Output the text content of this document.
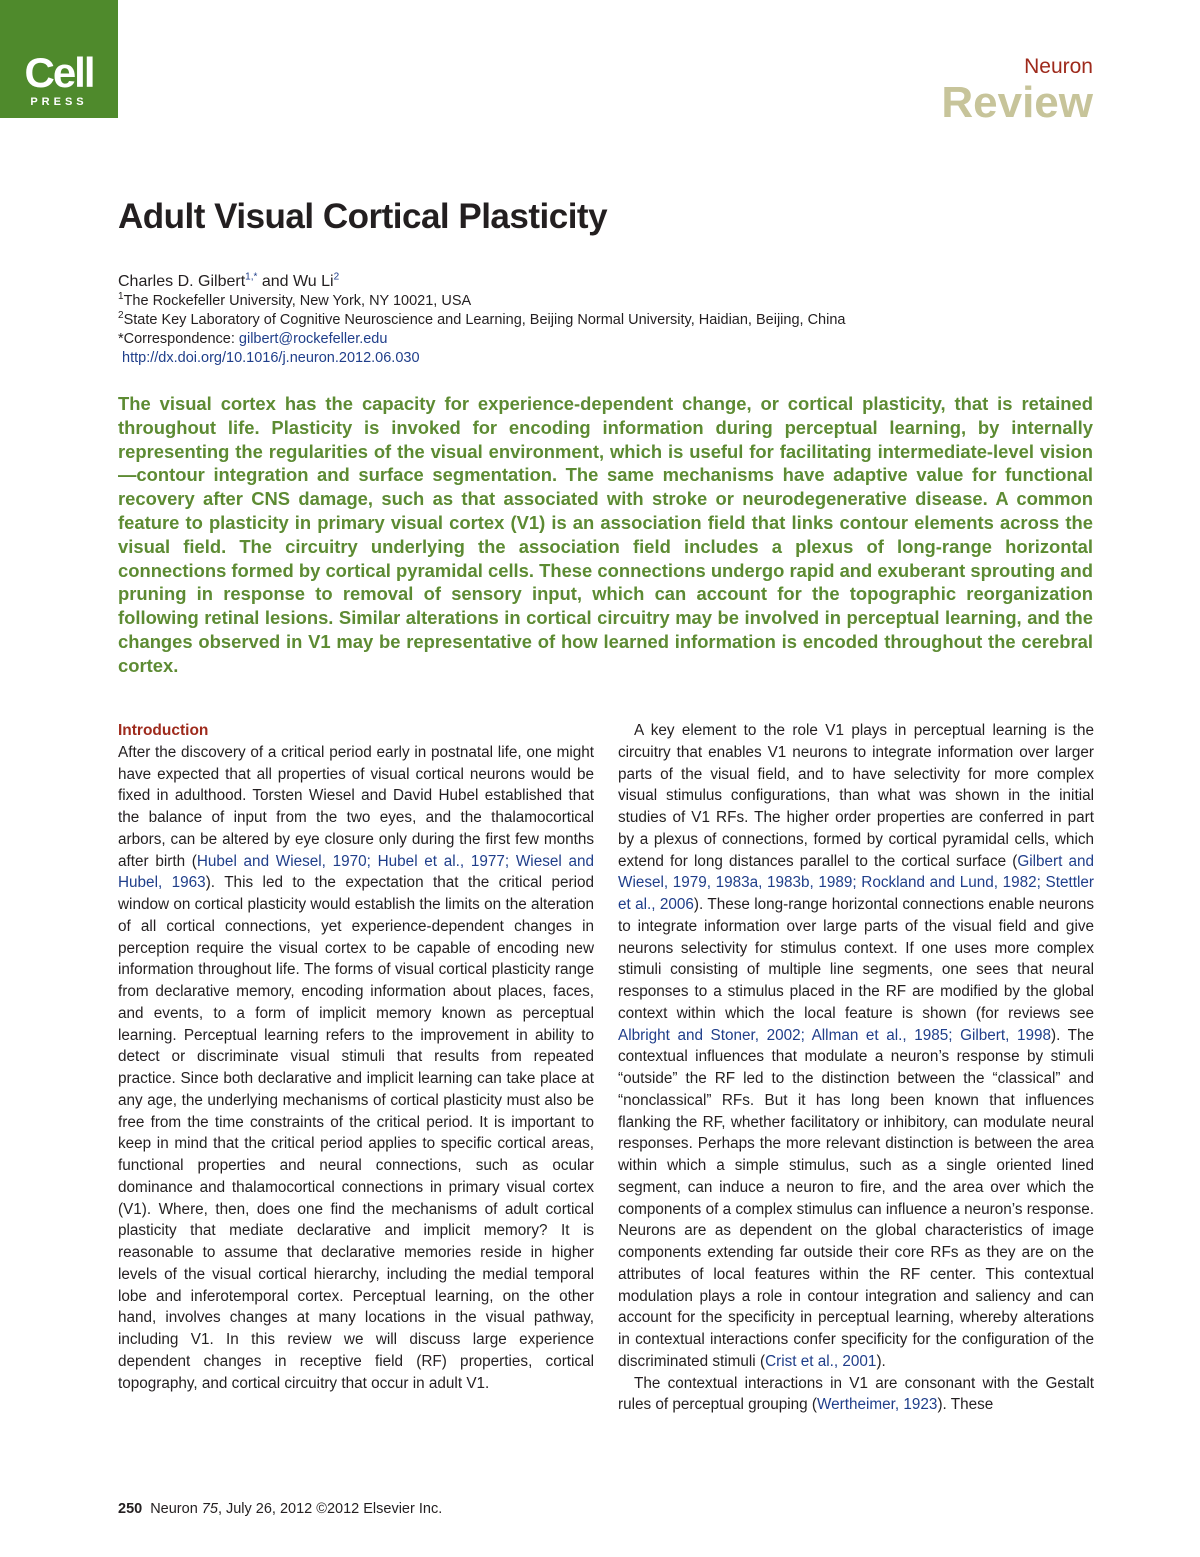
Cell
PRESS
Neuron
Review
Adult Visual Cortical Plasticity
Charles D. Gilbert$^{1,*}$ and Wu Li$^2$
$^1$The Rockefeller University, New York, NY 10021, USA
$^2$State Key Laboratory of Cognitive Neuroscience and Learning, Beijing Normal University, Haidian, Beijing, China
*Correspondence: gilbert@rockefeller.edu
http://dx.doi.org/10.1016/j.neuron.2012.06.030

The visual cortex has the capacity for experience-dependent change, or cortical plasticity, that is retained throughout life. Plasticity is invoked for encoding information during perceptual learning, by internally representing the regularities of the visual environment, which is useful for facilitating intermediate-level vision—contour integration and surface segmentation. The same mechanisms have adaptive value for functional recovery after CNS damage, such as that associated with stroke or neurodegenerative disease. A common feature to plasticity in primary visual cortex (V1) is an association field that links contour elements across the visual field. The circuitry underlying the association field includes a plexus of long-range horizontal connections formed by cortical pyramidal cells. These connections undergo rapid and exuberant sprouting and pruning in response to removal of sensory input, which can account for the topographic reorganization following retinal lesions. Similar alterations in cortical circuitry may be involved in perceptual learning, and the changes observed in V1 may be representative of how learned information is encoded throughout the cerebral cortex.

Introduction

After the discovery of a critical period early in postnatal life, one might have expected that all properties of visual cortical neurons would be fixed in adulthood. Torsten Wiesel and David Hubel established that the balance of input from the two eyes, and the thalamocortical arbors, can be altered by eye closure only during the first few months after birth (Hubel and Wiesel, 1970; Hubel et al., 1977; Wiesel and Hubel, 1963). This led to the expectation that the critical period window on cortical plasticity would establish the limits on the alteration of all cortical connections, yet experience-dependent changes in perception require the visual cortex to be capable of encoding new information throughout life. The forms of visual cortical plasticity range from declarative memory, encoding information about places, faces, and events, to a form of implicit memory known as perceptual learning. Perceptual learning refers to the improvement in ability to detect or discriminate visual stimuli that results from repeated practice. Since both declarative and implicit learning can take place at any age, the underlying mechanisms of cortical plasticity must also be free from the time constraints of the critical period. It is important to keep in mind that the critical period applies to specific cortical areas, functional properties and neural connections, such as ocular dominance and thalamocortical connections in primary visual cortex (V1). Where, then, does one find the mechanisms of adult cortical plasticity that mediate declarative and implicit memory? It is reasonable to assume that declarative memories reside in higher levels of the visual cortical hierarchy, including the medial temporal lobe and inferotemporal cortex. Perceptual learning, on the other hand, involves changes at many locations in the visual pathway, including V1. In this review we will discuss large experience dependent changes in receptive field (RF) properties, cortical topography, and cortical circuitry that occur in adult V1.

A key element to the role V1 plays in perceptual learning is the circuitry that enables V1 neurons to integrate information over larger parts of the visual field, and to have selectivity for more complex visual stimulus configurations, than what was shown in the initial studies of V1 RFs. The higher order properties are conferred in part by a plexus of connections, formed by cortical pyramidal cells, which extend for long distances parallel to the cortical surface (Gilbert and Wiesel, 1979, 1983a, 1983b, 1989; Rockland and Lund, 1982; Stettler et al., 2006). These long-range horizontal connections enable neurons to integrate information over large parts of the visual field and give neurons selectivity for stimulus context. If one uses more complex stimuli consisting of multiple line segments, one sees that neural responses to a stimulus placed in the RF are modified by the global context within which the local feature is shown (for reviews see Albright and Stoner, 2002; Allman et al., 1985; Gilbert, 1998). The contextual influences that modulate a neuron’s response by stimuli “outside” the RF led to the distinction between the “classical” and “nonclassical” RFs. But it has long been known that influences flanking the RF, whether facilitatory or inhibitory, can modulate neural responses. Perhaps the more relevant distinction is between the area within which a simple stimulus, such as a single oriented lined segment, can induce a neuron to fire, and the area over which the components of a complex stimulus can influence a neuron’s response. Neurons are as dependent on the global characteristics of image components extending far outside their core RFs as they are on the attributes of local features within the RF center. This contextual modulation plays a role in contour integration and saliency and can account for the specificity in perceptual learning, whereby alterations in contextual interactions confer specificity for the configuration of the discriminated stimuli (Crist et al., 2001).

The contextual interactions in V1 are consonant with the Gestalt rules of perceptual grouping (Wertheimer, 1923). These

250 Neuron 75, July 26, 2012 ©2012 Elsevier Inc.
